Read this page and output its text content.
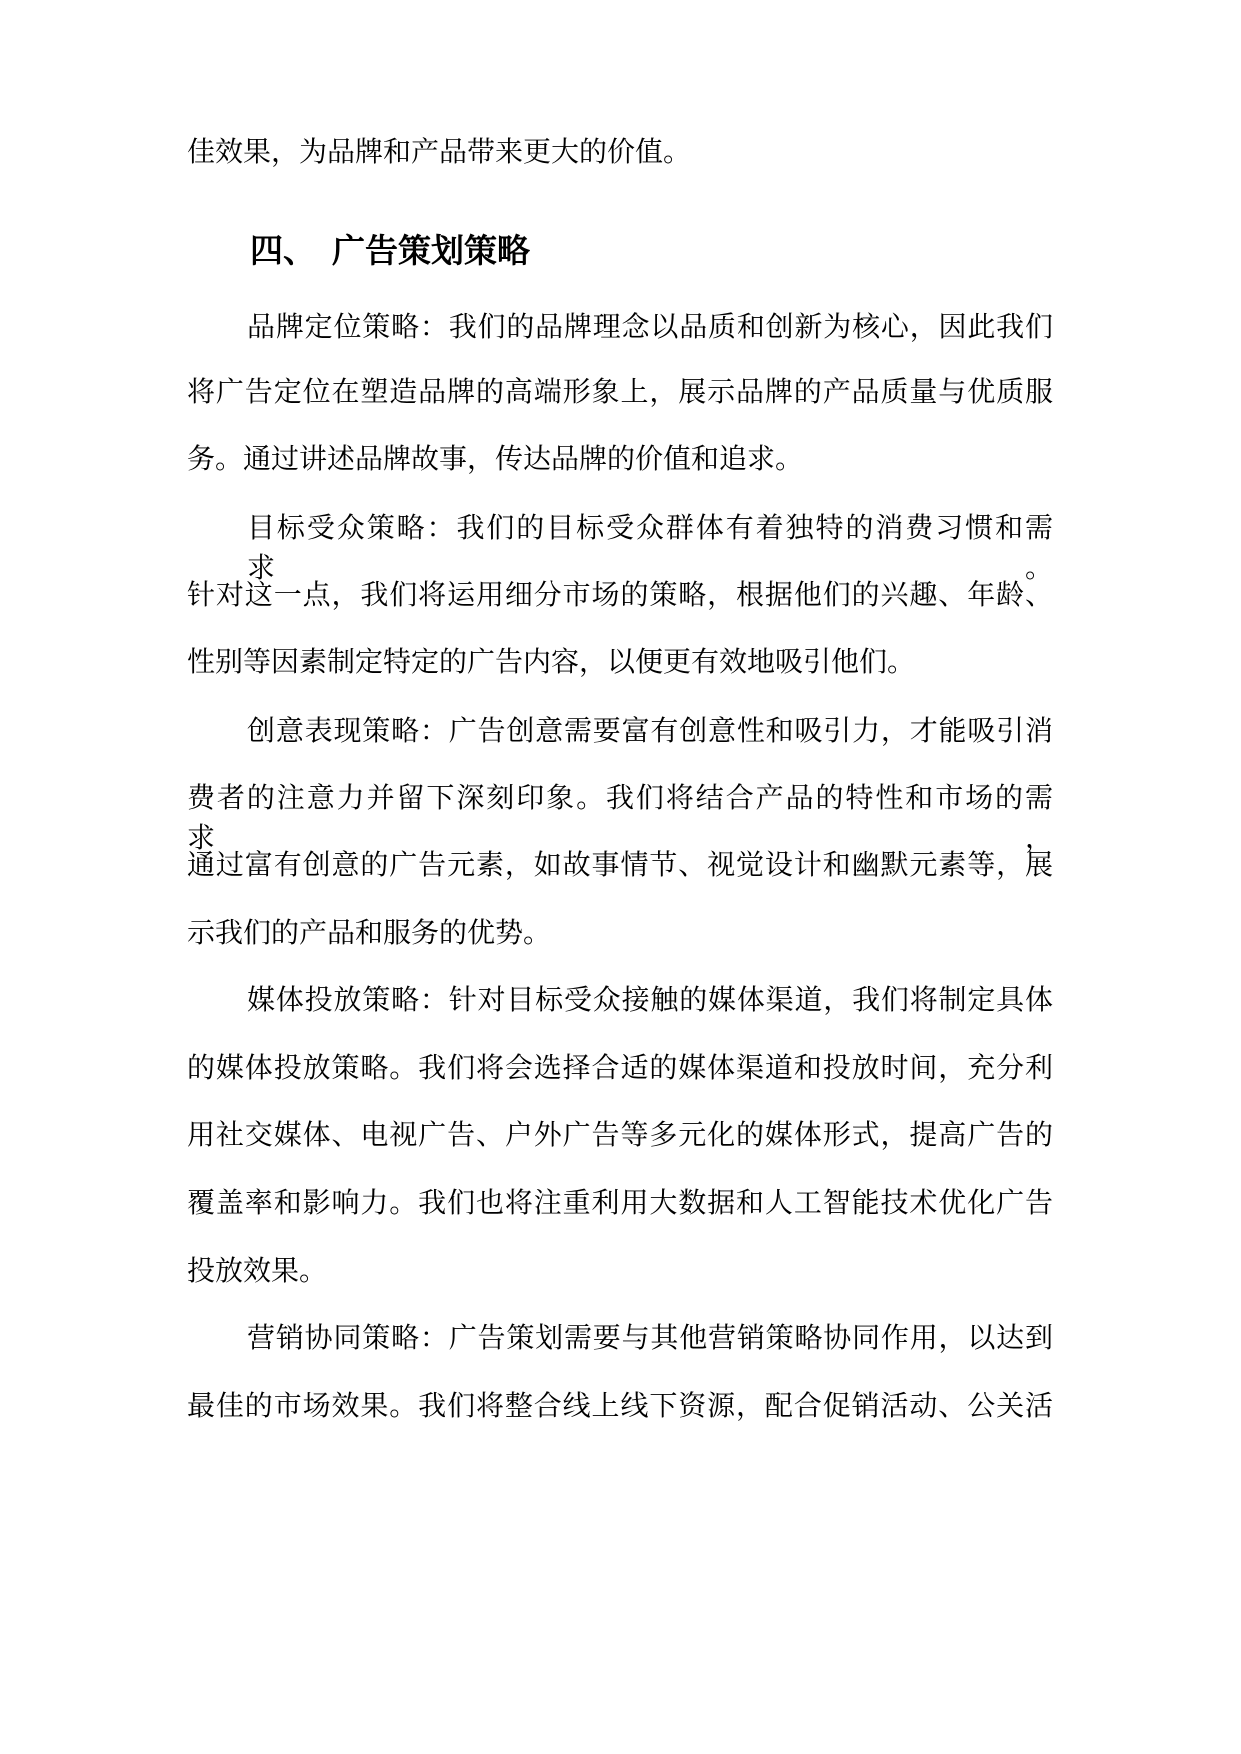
佳效果，为品牌和产品带来更大的价值。
四、 广告策划策略
品牌定位策略：我们的品牌理念以品质和创新为核心，因此我们
将广告定位在塑造品牌的高端形象上，展示品牌的产品质量与优质服
务。通过讲述品牌故事，传达品牌的价值和追求。
目标受众策略：我们的目标受众群体有着独特的消费习惯和需求。
针对这一点，我们将运用细分市场的策略，根据他们的兴趣、年龄、
性别等因素制定特定的广告内容，以便更有效地吸引他们。
创意表现策略：广告创意需要富有创意性和吸引力，才能吸引消
费者的注意力并留下深刻印象。我们将结合产品的特性和市场的需求，
通过富有创意的广告元素，如故事情节、视觉设计和幽默元素等，展
示我们的产品和服务的优势。
媒体投放策略：针对目标受众接触的媒体渠道，我们将制定具体
的媒体投放策略。我们将会选择合适的媒体渠道和投放时间，充分利
用社交媒体、电视广告、户外广告等多元化的媒体形式，提高广告的
覆盖率和影响力。我们也将注重利用大数据和人工智能技术优化广告
投放效果。
营销协同策略：广告策划需要与其他营销策略协同作用，以达到
最佳的市场效果。我们将整合线上线下资源，配合促销活动、公关活
